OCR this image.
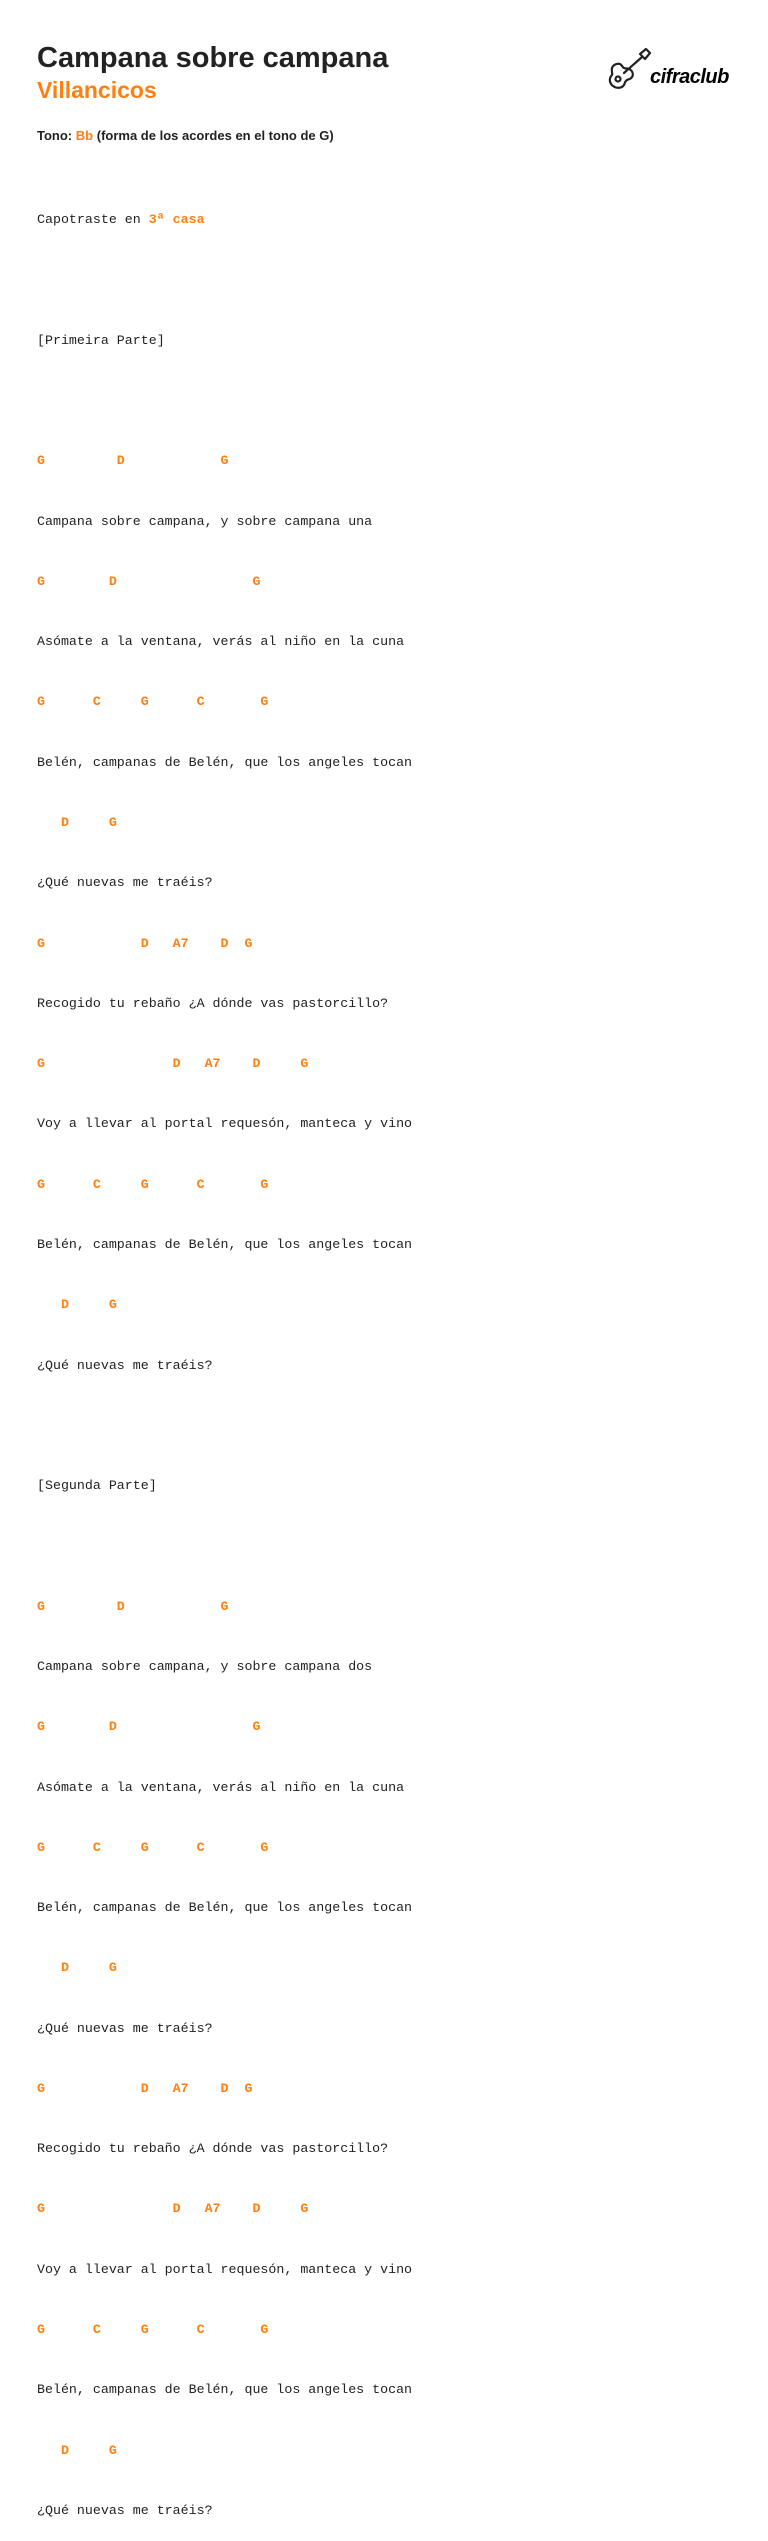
Campana sobre campana
Villancicos	cifraclub
Tono: Bb (forma de los acordes en el tono de G)

Capotraste en 3ª casa

[Primeira Parte]

G         D            G

Campana sobre campana, y sobre campana una

G        D                 G

Asómate a la ventana, verás al niño en la cuna

G      C     G      C       G

Belén, campanas de Belén, que los angeles tocan

D     G

¿Qué nuevas me traéis?

G            D   A7    D  G

Recogido tu rebaño ¿A dónde vas pastorcillo?

G                D   A7    D     G

Voy a llevar al portal requesón, manteca y vino

G      C     G      C       G

Belén, campanas de Belén, que los angeles tocan

D     G

¿Qué nuevas me traéis?

[Segunda Parte]

G         D            G

Campana sobre campana, y sobre campana dos

G        D                 G

Asómate a la ventana, verás al niño en la cuna

G      C     G      C       G

Belén, campanas de Belén, que los angeles tocan

D     G

¿Qué nuevas me traéis?

G            D   A7    D  G

Recogido tu rebaño ¿A dónde vas pastorcillo?

G                D   A7    D     G

Voy a llevar al portal requesón, manteca y vino

G      C     G      C       G

Belén, campanas de Belén, que los angeles tocan

D     G

¿Qué nuevas me traéis?
